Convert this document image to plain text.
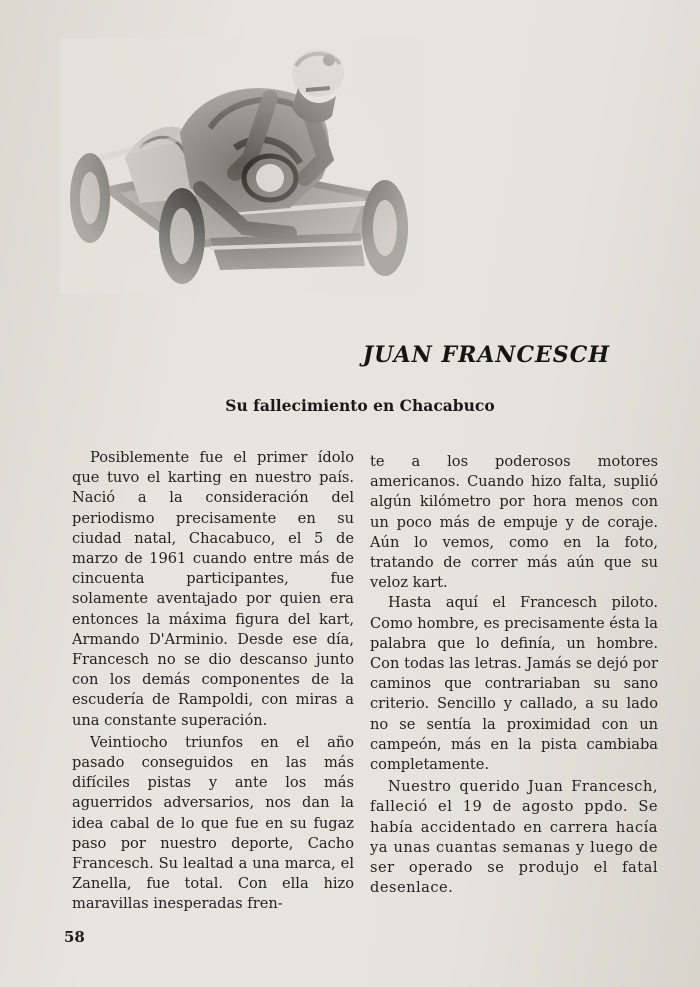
JUAN FRANCESCH
Su fallecimiento en Chacabuco

Posiblemente fue el primer ídolo que tuvo el karting en nuestro país. Nació a la consideración del periodismo precisamente en su ciudad natal, Chacabuco, el 5 de marzo de 1961 cuando entre más de cincuenta participantes, fue solamente aventajado por quien era entonces la máxima figura del kart, Armando D'Arminio. Desde ese día, Francesch no se dio descanso junto con los demás componentes de la escudería de Rampoldi, con miras a una constante superación.

Veintiocho triunfos en el año pasado conseguidos en las más difíciles pistas y ante los más aguerridos adversarios, nos dan la idea cabal de lo que fue en su fugaz paso por nuestro deporte, Cacho Francesch. Su lealtad a una marca, el Zanella, fue total. Con ella hizo maravillas inesperadas fren-

te a los poderosos motores americanos. Cuando hizo falta, suplió algún kilómetro por hora menos con un poco más de empuje y de coraje. Aún lo vemos, como en la foto, tratando de correr más aún que su veloz kart.

Hasta aquí el Francesch piloto. Como hombre, es precisamente ésta la palabra que lo definía, un hombre. Con todas las letras. Jamás se dejó por caminos que contrariaban su sano criterio. Sencillo y callado, a su lado no se sentía la proximidad con un campeón, más en la pista cambiaba completamente.

Nuestro querido Juan Francesch, falleció el 19 de agosto ppdo. Se había accidentado en carrera hacía ya unas cuantas semanas y luego de ser operado se produjo el fatal desenlace.

58
